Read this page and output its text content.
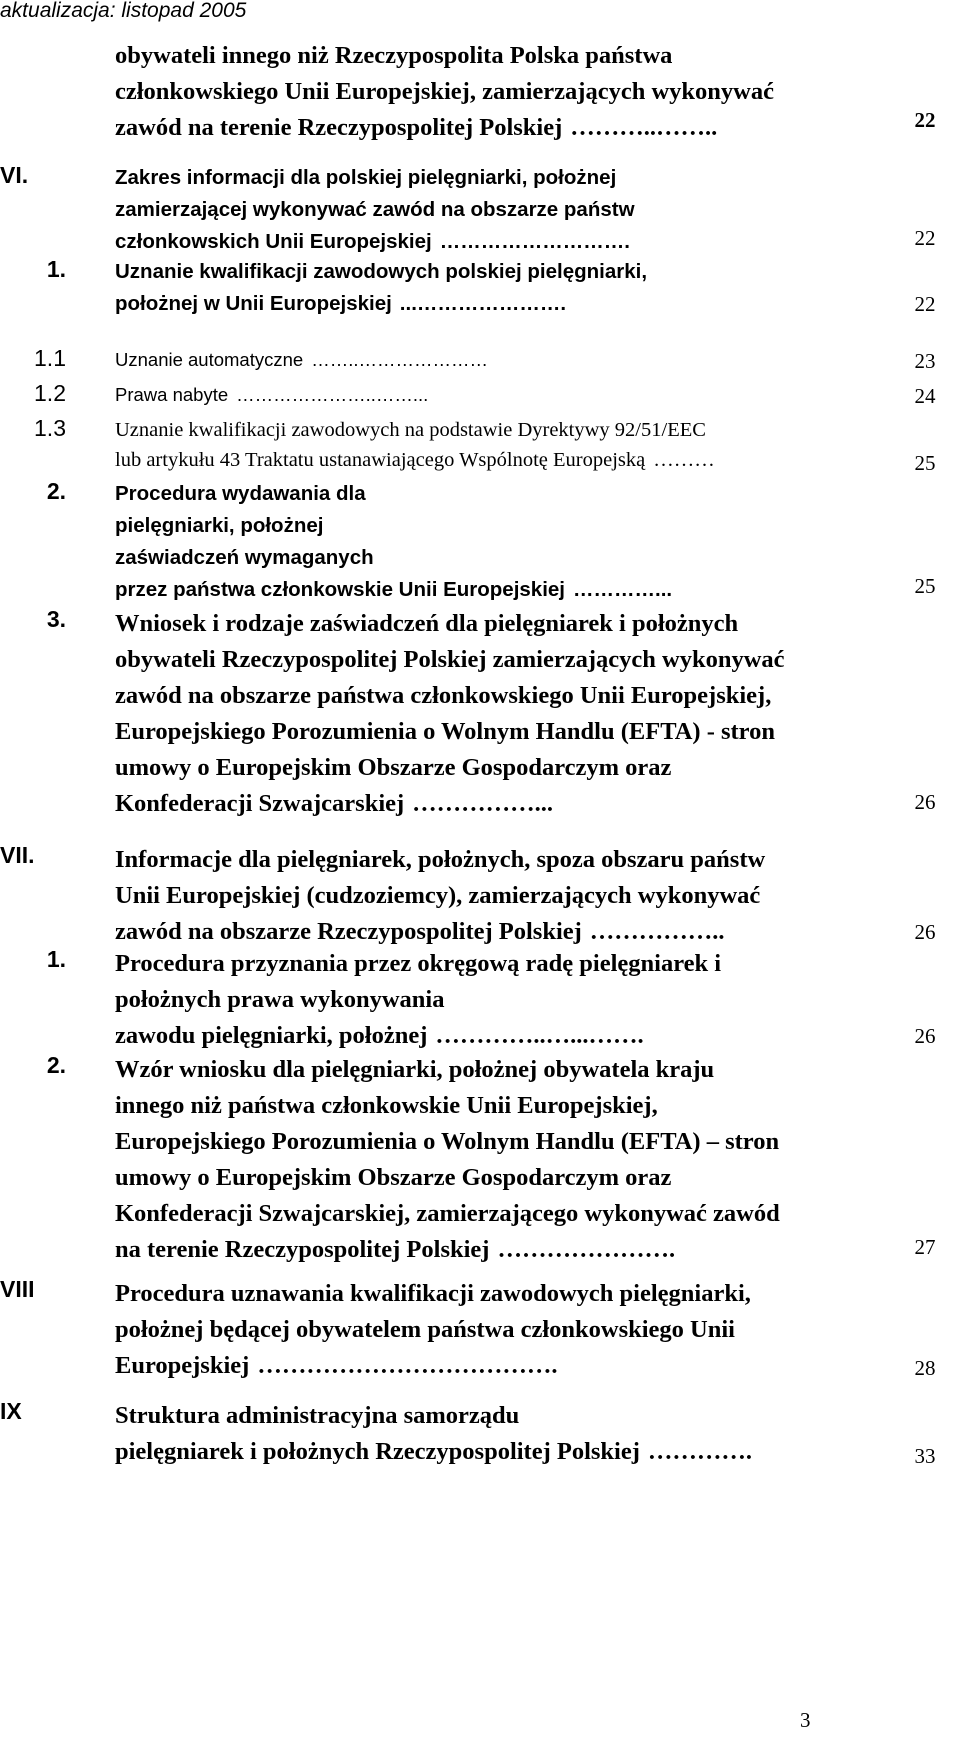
aktualizacja: listopad 2005
obywateli innego niż Rzeczypospolita Polska państwa
członkowskiego Unii Europejskiej, zamierzających wykonywać
zawód na terenie Rzeczypospolitej Polskiej ………..……..	22
VI.	Zakres informacji dla polskiej pielęgniarki, położnej
zamierzającej wykonywać zawód na obszarze państw
członkowskich Unii Europejskiej ……………………….	22
1. Uznanie kwalifikacji zawodowych polskiej pielęgniarki,
położnej w Unii Europejskiej ...………………….	22
1.1	Uznanie automatyczne ……..…………………	23
1.2	Prawa nabyte …………………..……...	24
1.3 Uznanie kwalifikacji zawodowych na podstawie Dyrektywy 92/51/EEC
lub artykułu 43 Traktatu ustanawiającego Wspólnotę Europejską ………	25
2. Procedura wydawania dla
pielęgniarki, położnej
zaświadczeń wymaganych
przez państwa członkowskie Unii Europejskiej …………...	25
3. Wniosek i rodzaje zaświadczeń dla pielęgniarek i położnych
obywateli Rzeczypospolitej Polskiej zamierzających wykonywać
zawód na obszarze państwa członkowskiego Unii Europejskiej,
Europejskiego Porozumienia o Wolnym Handlu (EFTA) - stron
umowy o Europejskim Obszarze Gospodarczym oraz
Konfederacji Szwajcarskiej ……………...	26
VII.	Informacje dla pielęgniarek, położnych, spoza obszaru państw
Unii Europejskiej (cudzoziemcy), zamierzających wykonywać
zawód na obszarze Rzeczypospolitej Polskiej ……………..	26
1. Procedura przyznania przez okręgową radę pielęgniarek i
położnych prawa wykonywania
zawodu pielęgniarki, położnej …………..…...…….	26
2. Wzór wniosku dla pielęgniarki, położnej obywatela kraju
innego niż państwa członkowskie Unii Europejskiej,
Europejskiego Porozumienia o Wolnym Handlu (EFTA) – stron
umowy o Europejskim Obszarze Gospodarczym oraz
Konfederacji Szwajcarskiej, zamierzającego wykonywać zawód
na terenie Rzeczypospolitej Polskiej ………………….	27
VIII	Procedura uznawania kwalifikacji zawodowych pielęgniarki,
położnej będącej obywatelem państwa członkowskiego Unii
Europejskiej ……………………………….	28
IX	Struktura administracyjna samorządu
pielęgniarek i położnych Rzeczypospolitej Polskiej ………….	33
3
